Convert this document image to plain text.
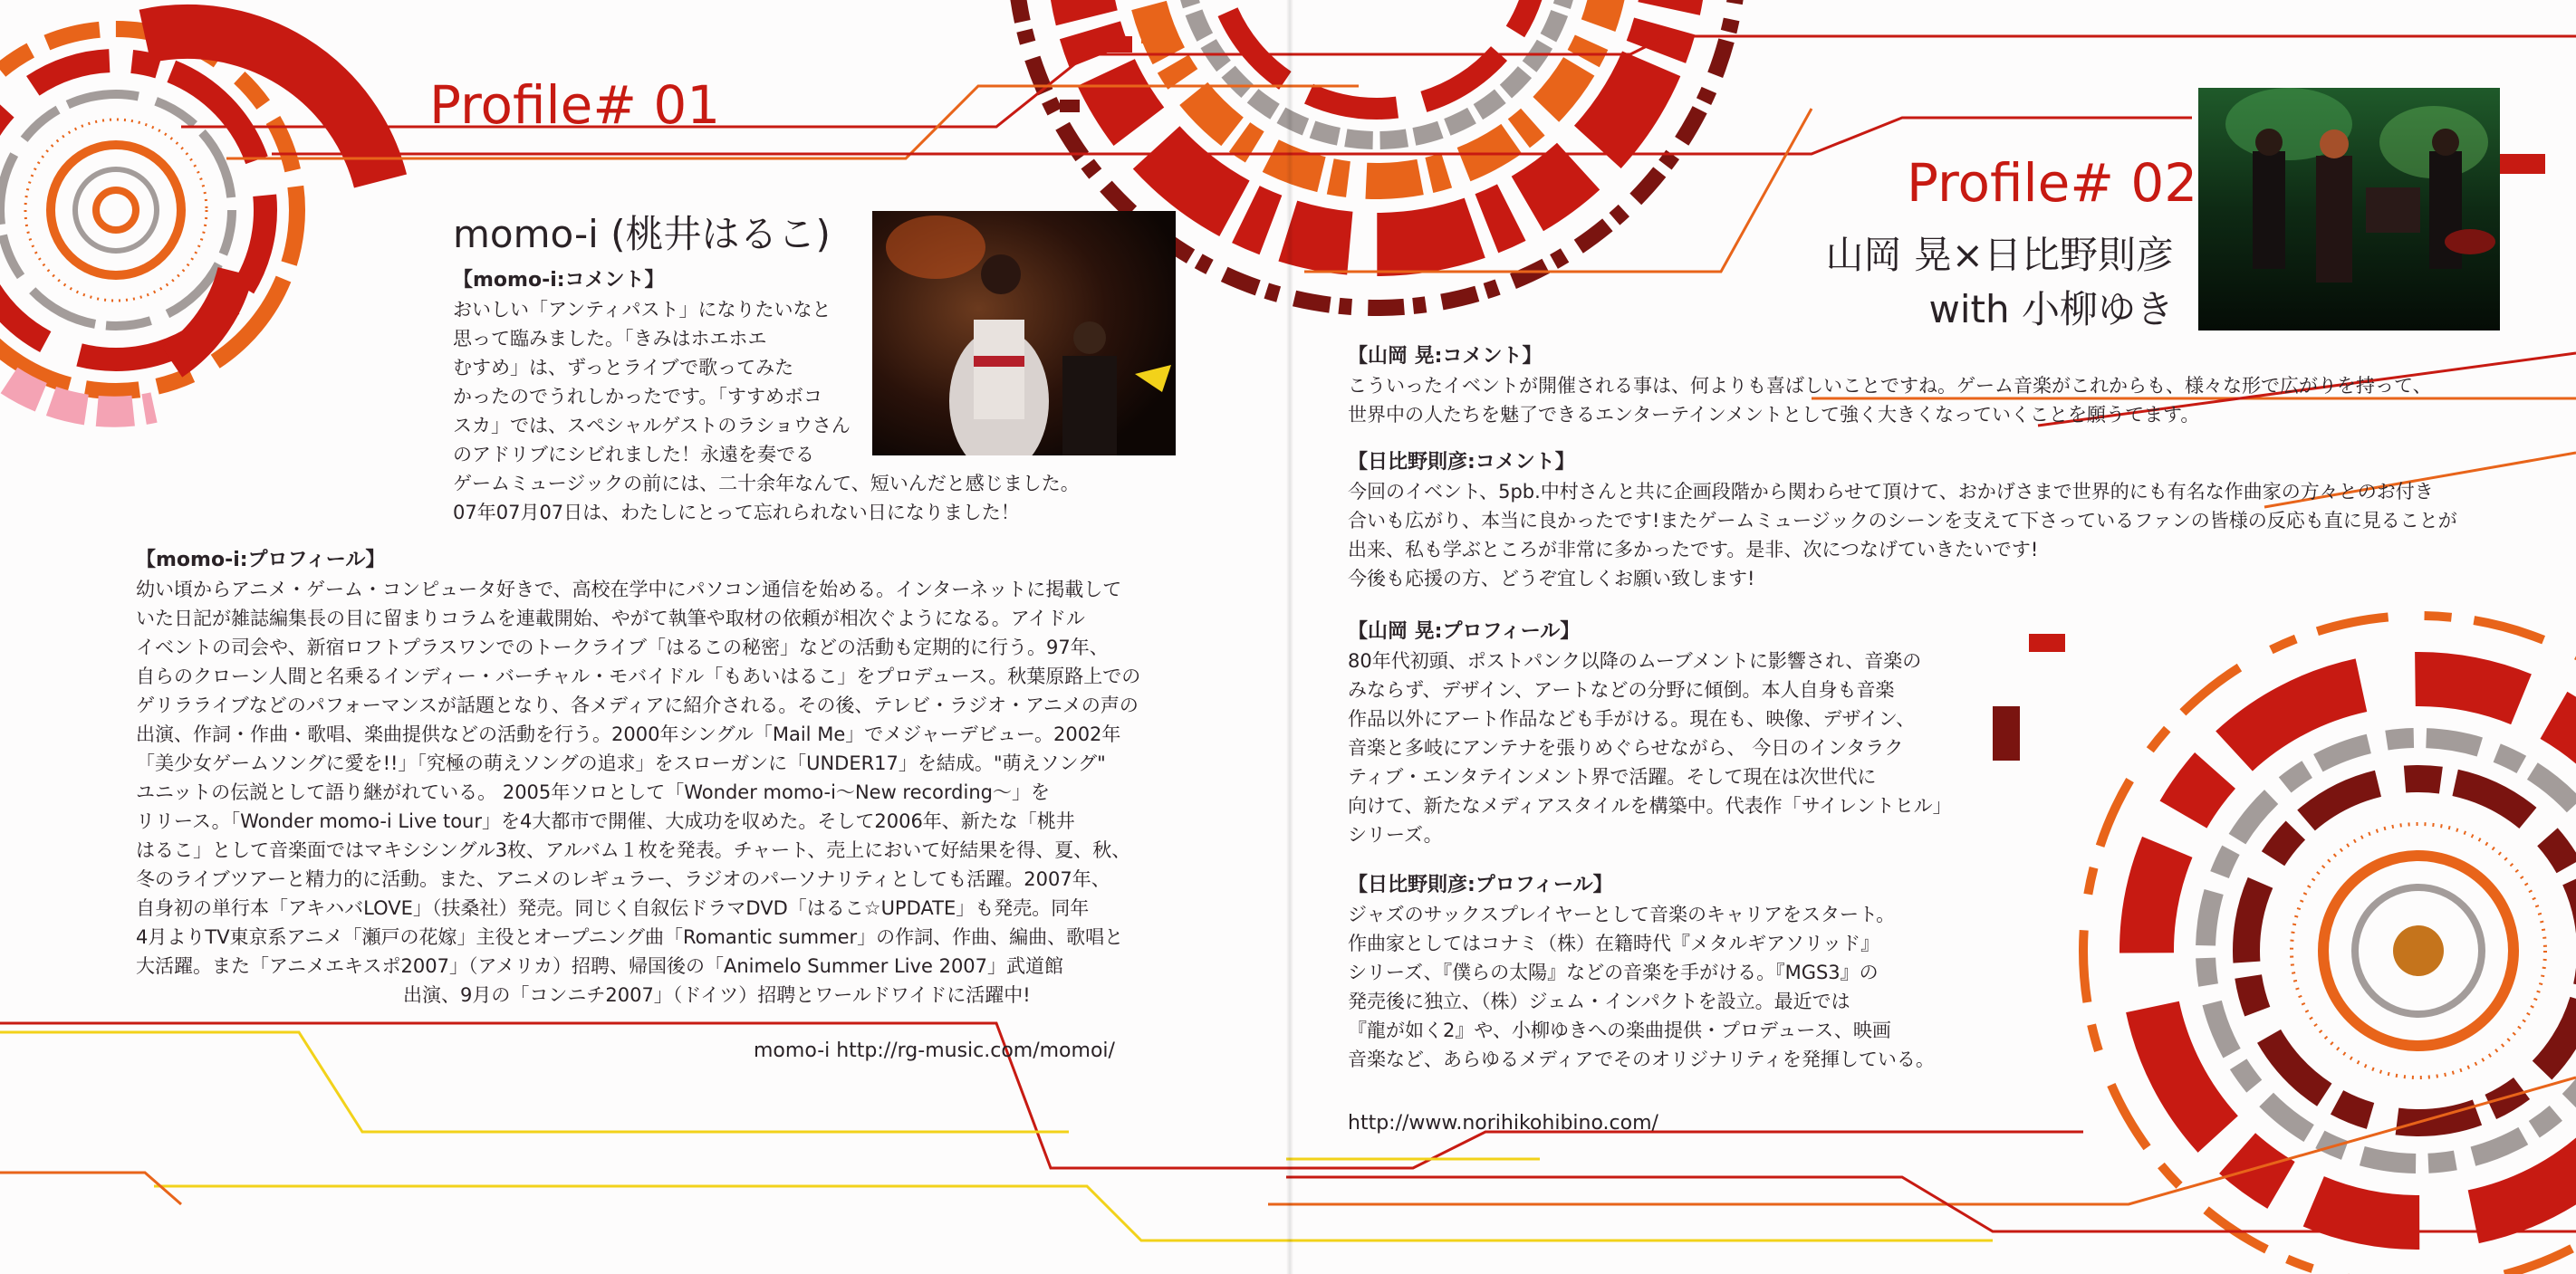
Profile# 01
momo-i (桃井はるこ)

【momo-i:コメント】

おいしい「アンティパスト」になりたいなと

思って臨みました。「きみはホエホエ

むすめ」は、ずっとライブで歌ってみた

かったのでうれしかったです。「すすめボコ

スカ」では、スペシャルゲストのラショウさん

のアドリブにシビれました！永遠を奏でる

ゲームミュージックの前には、二十余年なんて、短いんだと感じました。

07年07月07日は、わたしにとって忘れられない日になりました！

【momo-i:プロフィール】

幼い頃からアニメ・ゲーム・コンピュータ好きで、高校在学中にパソコン通信を始める。インターネットに掲載して

いた日記が雑誌編集長の目に留まりコラムを連載開始、やがて執筆や取材の依頼が相次ぐようになる。アイドル

イベントの司会や、新宿ロフトプラスワンでのトークライブ「はるこの秘密」などの活動も定期的に行う。97年、

自らのクローン人間と名乗るインディー・バーチャル・モバイドル「もあいはるこ」をプロデュース。秋葉原路上での

ゲリラライブなどのパフォーマンスが話題となり、各メディアに紹介される。その後、テレビ・ラジオ・アニメの声の

出演、作詞・作曲・歌唱、楽曲提供などの活動を行う。2000年シングル「Mail Me」でメジャーデビュー。2002年

「美少女ゲームソングに愛を!!」「究極の萌えソングの追求」をスローガンに「UNDER17」を結成。"萌えソング"

ユニットの伝説として語り継がれている。 2005年ソロとして「Wonder momo-i〜New recording〜」を

リリース。「Wonder momo-i Live tour」を4大都市で開催、大成功を収めた。そして2006年、新たな「桃井

はるこ」として音楽面ではマキシシングル3枚、アルバム１枚を発表。チャート、売上において好結果を得、夏、秋、

冬のライブツアーと精力的に活動。また、アニメのレギュラー、ラジオのパーソナリティとしても活躍。2007年、

自身初の単行本「アキハバLOVE」（扶桑社）発売。同じく自叙伝ドラマDVD「はるこ☆UPDATE」も発売。同年

4月よりTV東京系アニメ「瀬戸の花嫁」主役とオープニング曲「Romantic summer」の作詞、作曲、編曲、歌唱と

大活躍。また「アニメエキスポ2007」（アメリカ）招聘、帰国後の「Animelo Summer Live 2007」武道館

出演、9月の「コンニチ2007」（ドイツ）招聘とワールドワイドに活躍中!

momo-i http://rg-music.com/momoi/
Profile# 02
山岡 晃×日比野則彦
with 小柳ゆき

【山岡 晃:コメント】

こういったイベントが開催される事は、何よりも喜ばしいことですね。ゲーム音楽がこれからも、様々な形で広がりを持って、

世界中の人たちを魅了できるエンターテインメントとして強く大きくなっていくことを願うてます。

【日比野則彦:コメント】

今回のイベント、5pb.中村さんと共に企画段階から関わらせて頂けて、おかげさまで世界的にも有名な作曲家の方々とのお付き

合いも広がり、本当に良かったです!またゲームミュージックのシーンを支えて下さっているファンの皆様の反応も直に見ることが

出来、私も学ぶところが非常に多かったです。是非、次につなげていきたいです!

今後も応援の方、どうぞ宜しくお願い致します!

【山岡 晃:プロフィール】

80年代初頭、ポストパンク以降のムーブメントに影響され、音楽の

みならず、デザイン、アートなどの分野に傾倒。本人自身も音楽

作品以外にアート作品なども手がける。現在も、映像、デザイン、

音楽と多岐にアンテナを張りめぐらせながら、 今日のインタラク

ティブ・エンタテインメント界で活躍。そして現在は次世代に

向けて、新たなメディアスタイルを構築中。代表作「サイレントヒル」

シリーズ。

【日比野則彦:プロフィール】

ジャズのサックスプレイヤーとして音楽のキャリアをスタート。

作曲家としてはコナミ（株）在籍時代『メタルギアソリッド』

シリーズ、『僕らの太陽』などの音楽を手がける。『MGS3』の

発売後に独立、（株）ジェム・インパクトを設立。最近では

『龍が如く2』や、小柳ゆきへの楽曲提供・プロデュース、映画

音楽など、あらゆるメディアでそのオリジナリティを発揮している。

http://www.norihikohibino.com/
